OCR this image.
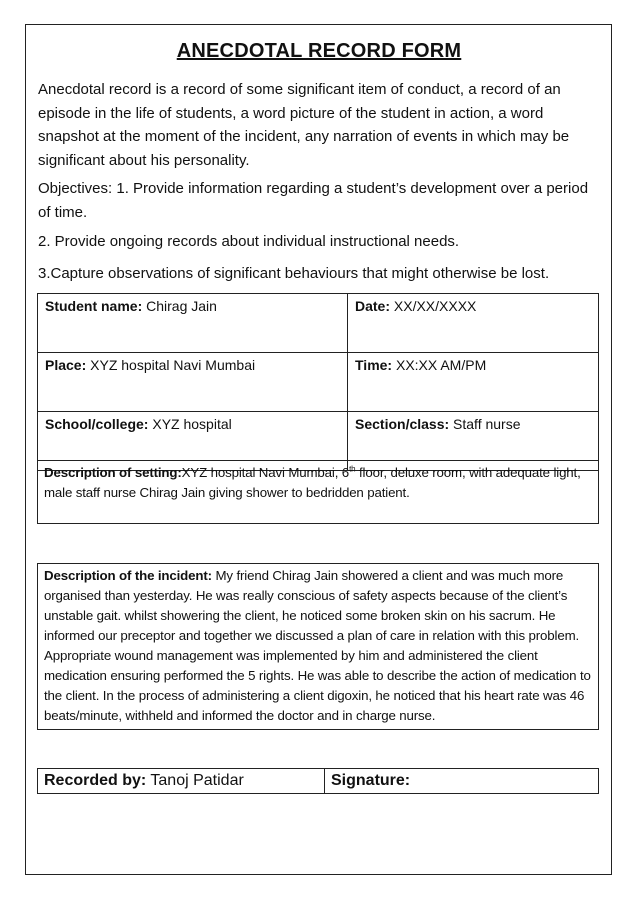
ANECDOTAL RECORD FORM
Anecdotal record is a record of some significant item of conduct, a record of an episode in the life of students, a word picture of the student in action, a word snapshot at the moment of the incident, any narration of events in which may be significant about his personality.
Objectives: 1. Provide information regarding a student’s development over a period of time.
2. Provide ongoing records about individual instructional needs.
3.Capture observations of significant behaviours that might otherwise be lost.
Student name: Chirag Jain	Date: XX/XX/XXXX
Place: XYZ hospital Navi Mumbai	Time: XX:XX AM/PM
School/college: XYZ hospital	Section/class: Staff nurse
Description of setting:XYZ hospital Navi Mumbai, 6th floor, deluxe room, with adequate light, male staff nurse Chirag Jain giving shower to bedridden patient.
Description of the incident: My friend Chirag Jain showered a client and was much more organised than yesterday. He was really conscious of safety aspects because of the client’s unstable gait. whilst showering the client, he noticed some broken skin on his sacrum. He informed our preceptor and together we discussed a plan of care in relation with this problem. Appropriate wound management was implemented by him and administered the client medication ensuring performed the 5 rights. He was able to describe the action of medication to the client. In the process of administering a client digoxin, he noticed that his heart rate was 46 beats/minute, withheld and informed the doctor and in charge nurse.
Recorded by: Tanoj Patidar	Signature:
